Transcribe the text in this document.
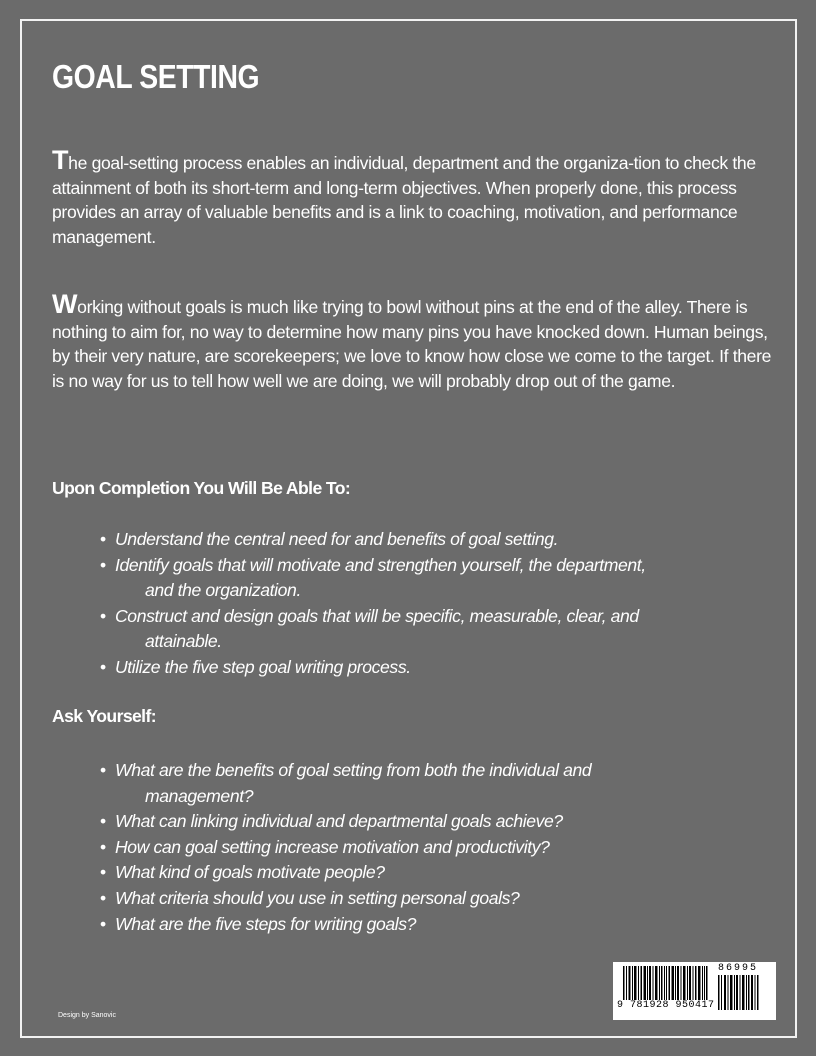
GOAL SETTING

The goal-setting process enables an individual, department and the organiza-tion to check the attainment of both its short-term and long-term objectives. When properly done, this process provides an array of valuable benefits and is a link to coaching, motivation, and performance management.

Working without goals is much like trying to bowl without pins at the end of the alley. There is nothing to aim for, no way to determine how many pins you have knocked down. Human beings, by their very nature, are scorekeepers; we love to know how close we come to the target. If there is no way for us to tell how well we are doing, we will probably drop out of the game.

Upon Completion You Will Be Able To:
• Understand the central need for and benefits of goal setting.
• Identify goals that will motivate and strengthen yourself, the department,
and the organization.
• Construct and design goals that will be specific, measurable, clear, and
attainable.
• Utilize the five step goal writing process.
Ask Yourself:
• What are the benefits of goal setting from both the individual and
management?
• What can linking individual and departmental goals achieve?
• How can goal setting increase motivation and productivity?
• What kind of goals motivate people?
• What criteria should you use in setting personal goals?
• What are the five steps for writing goals?
Design by Sanovic
9 781928 950417
86995
